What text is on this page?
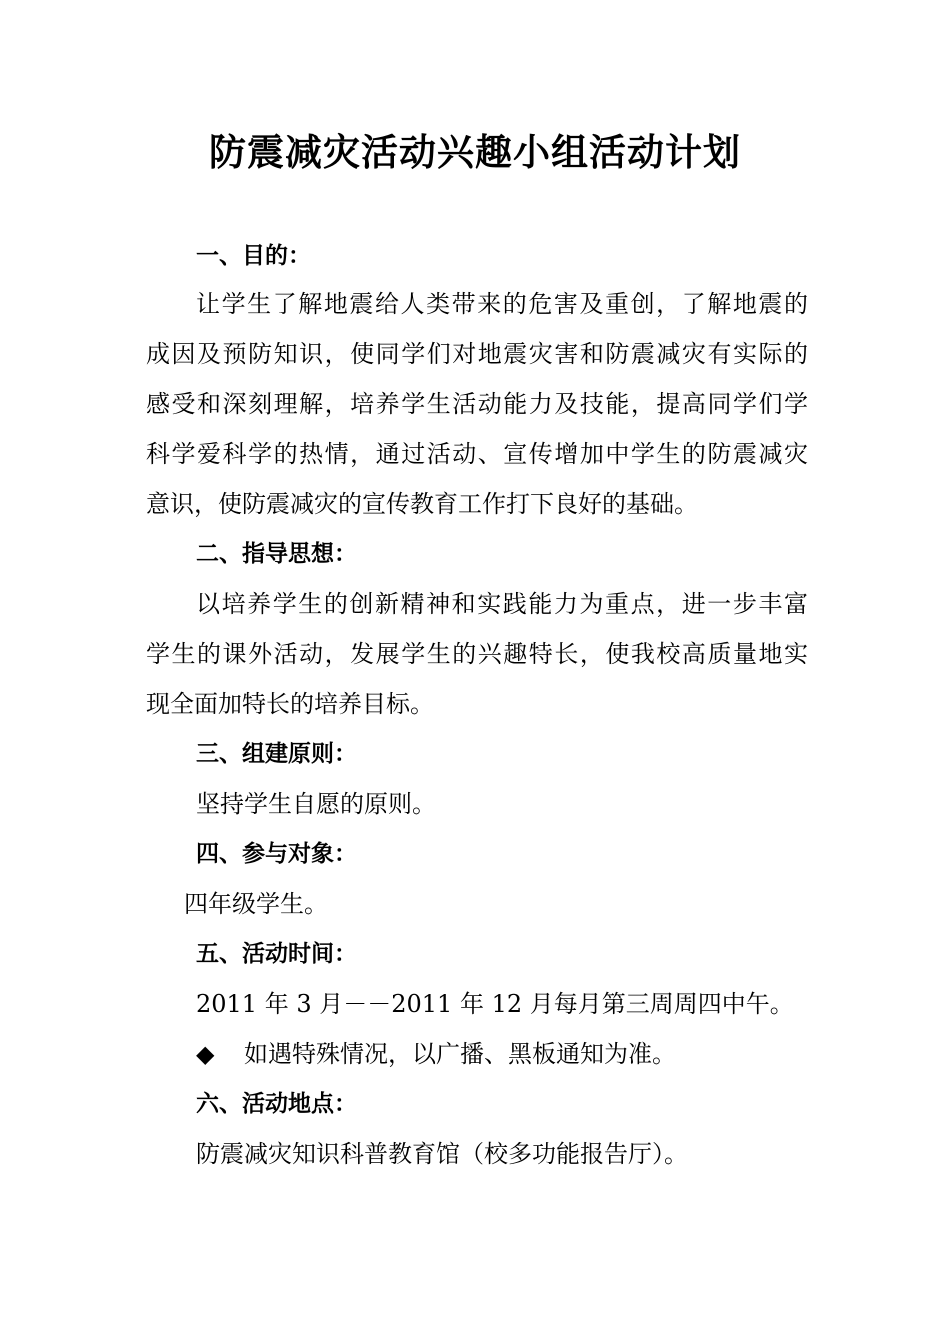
防震减灾活动兴趣小组活动计划

一、目的：

让学生了解地震给人类带来的危害及重创，了解地震的

成因及预防知识，使同学们对地震灾害和防震减灾有实际的

感受和深刻理解，培养学生活动能力及技能，提高同学们学

科学爱科学的热情，通过活动、宣传增加中学生的防震减灾

意识，使防震减灾的宣传教育工作打下良好的基础。

二、指导思想：

以培养学生的创新精神和实践能力为重点，进一步丰富

学生的课外活动，发展学生的兴趣特长，使我校高质量地实

现全面加特长的培养目标。

三、组建原则：

坚持学生自愿的原则。

四、参与对象：

四年级学生。

五、活动时间：

2011 年 3 月－－2011 年 12 月每月第三周周四中午。

◆ 如遇特殊情况，以广播、黑板通知为准。

六、活动地点：

防震减灾知识科普教育馆（校多功能报告厅）。
